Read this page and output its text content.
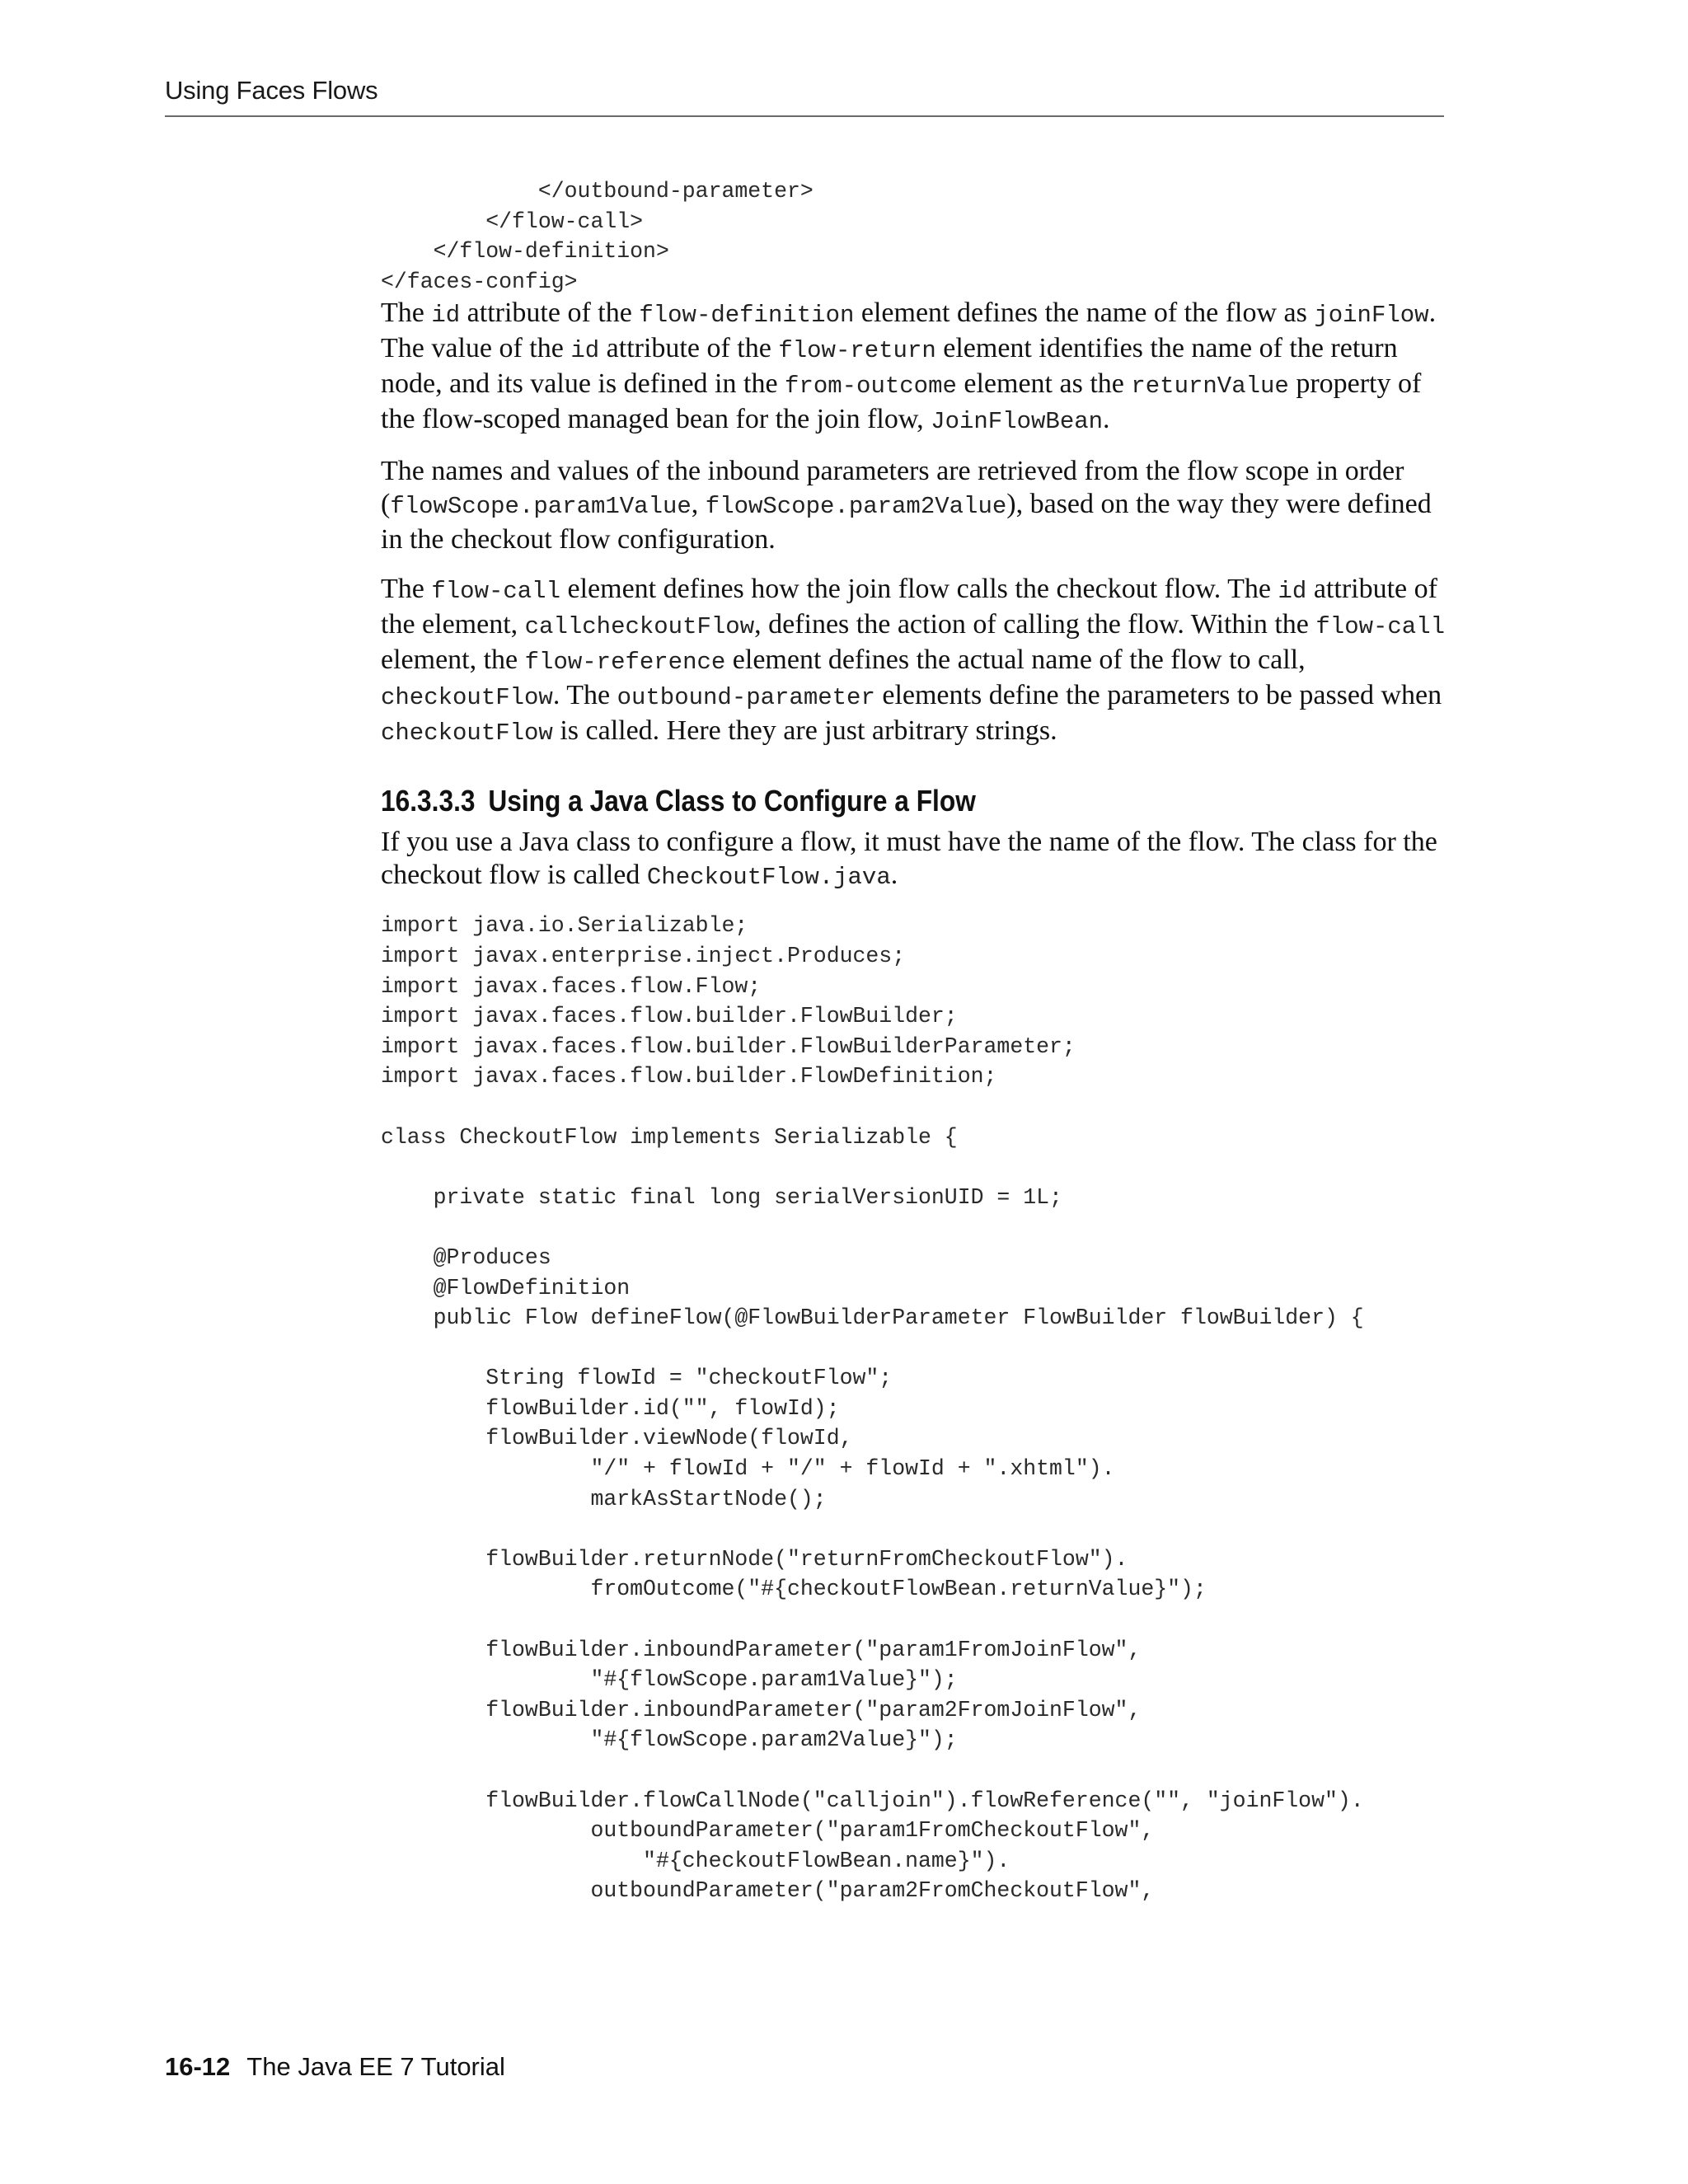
Using Faces Flows
</outbound-parameter>
</flow-call>
</flow-definition>
</faces-config>

The id attribute of the flow-definition element defines the name of the flow as joinFlow. The value of the id attribute of the flow-return element identifies the name of the return node, and its value is defined in the from-outcome element as the returnValue property of the flow-scoped managed bean for the join flow, JoinFlowBean.

The names and values of the inbound parameters are retrieved from the flow scope in order (flowScope.param1Value, flowScope.param2Value), based on the way they were defined in the checkout flow configuration.

The flow-call element defines how the join flow calls the checkout flow. The id attribute of the element, callcheckoutFlow, defines the action of calling the flow. Within the flow-call element, the flow-reference element defines the actual name of the flow to call, checkoutFlow. The outbound-parameter elements define the parameters to be passed when checkoutFlow is called. Here they are just arbitrary strings.

16.3.3.3 Using a Java Class to Configure a Flow

If you use a Java class to configure a flow, it must have the name of the flow. The class for the checkout flow is called CheckoutFlow.java.

import java.io.Serializable;
import javax.enterprise.inject.Produces;
import javax.faces.flow.Flow;
import javax.faces.flow.builder.FlowBuilder;
import javax.faces.flow.builder.FlowBuilderParameter;
import javax.faces.flow.builder.FlowDefinition;

class CheckoutFlow implements Serializable {

private static final long serialVersionUID = 1L;

@Produces
@FlowDefinition
public Flow defineFlow(@FlowBuilderParameter FlowBuilder flowBuilder) {

String flowId = "checkoutFlow";
flowBuilder.id("", flowId);
flowBuilder.viewNode(flowId,
"/" + flowId + "/" + flowId + ".xhtml").
markAsStartNode();

flowBuilder.returnNode("returnFromCheckoutFlow").
fromOutcome("#{checkoutFlowBean.returnValue}");

flowBuilder.inboundParameter("param1FromJoinFlow",
"#{flowScope.param1Value}");
flowBuilder.inboundParameter("param2FromJoinFlow",
"#{flowScope.param2Value}");

flowBuilder.flowCallNode("calljoin").flowReference("", "joinFlow").
outboundParameter("param1FromCheckoutFlow",
"#{checkoutFlowBean.name}").
outboundParameter("param2FromCheckoutFlow",
16-12 The Java EE 7 Tutorial
